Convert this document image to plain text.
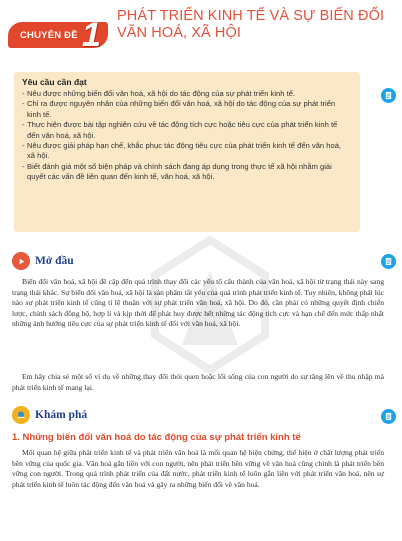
CHUYÊN ĐỀ 1 PHÁT TRIỂN KINH TẾ VÀ SỰ BIẾN ĐỔI VĂN HOÁ, XÃ HỘI
Yêu cầu cần đạt
- Nêu được những biến đổi văn hoá, xã hội do tác động của sự phát triển kinh tế.
- Chỉ ra được nguyên nhân của những biến đổi văn hoá, xã hội do tác động của sự phát triển kinh tế.
- Thực hiện được bài tập nghiên cứu về tác động tích cực hoặc tiêu cực của phát triển kinh tế đến văn hoá, xã hội.
- Nêu được giải pháp hạn chế, khắc phục tác động tiêu cực của phát triển kinh tế đến văn hoá, xã hội.
- Biết đánh giá một số biện pháp và chính sách đang áp dụng trong thực tế xã hội nhằm giải quyết các vấn đề liên quan đến kinh tế, văn hoá, xã hội.
Mở đầu

Biến đổi văn hoá, xã hội đề cập đến quá trình thay đổi các yếu tố cấu thành của văn hoá, xã hội từ trạng thái này sang trạng thái khác. Sự biến đổi văn hoá, xã hội là sản phẩm tất yếu của quá trình phát triển kinh tế. Tuy nhiên, không phải lúc nào sự phát triển kinh tế cũng tỉ lệ thuận với sự phát triển văn hoá, xã hội. Do đó, cần phải có những quyết định chiến lược, chính sách đồng bộ, hợp lí và kịp thời để phát huy được hết những tác động tích cực và hạn chế đến mức thấp nhất những ảnh hưởng tiêu cực của sự phát triển kinh tế đối với văn hoá, xã hội.

Em hãy chia sẻ một số ví dụ về những thay đổi thói quen hoặc lối sống của con người do sự tăng lên về thu nhập mà phát triển kinh tế mang lại.

Khám phá
1. Những biến đổi văn hoá do tác động của sự phát triển kinh tế

Mối quan hệ giữa phát triển kinh tế và phát triển văn hoá là mối quan hệ biện chứng, thể hiện ở chất lượng phát triển bền vững của quốc gia. Văn hoá gắn liền với con người, nên phát triển bền vững về văn hoá cũng chính là phát triển bền vững con người. Trong quá trình phát triển của đất nước, phát triển kinh tế luôn gắn liền với phát triển văn hoá, nên sự phát triển kinh tế luôn tác động đến văn hoá và gây ra những biến đổi về văn hoá.
